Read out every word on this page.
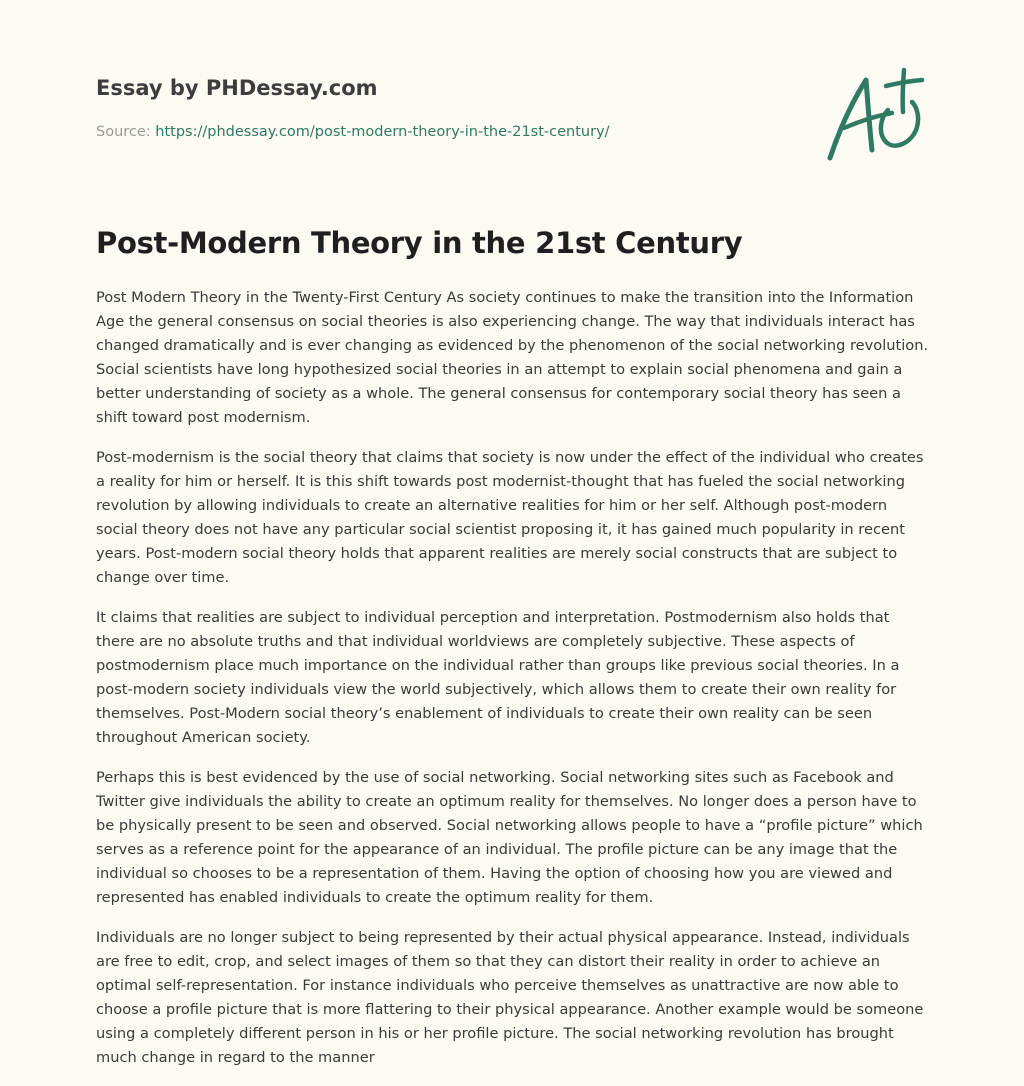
Essay by PHDessay.com
Source: https://phdessay.com/post-modern-theory-in-the-21st-century/
Post-Modern Theory in the 21st Century

Post Modern Theory in the Twenty-First Century As society continues to make the transition into the Information Age the general consensus on social theories is also experiencing change. The way that individuals interact has changed dramatically and is ever changing as evidenced by the phenomenon of the social networking revolution. Social scientists have long hypothesized social theories in an attempt to explain social phenomena and gain a better understanding of society as a whole. The general consensus for contemporary social theory has seen a shift toward post modernism.

Post-modernism is the social theory that claims that society is now under the effect of the individual who creates a reality for him or herself. It is this shift towards post modernist-thought that has fueled the social networking revolution by allowing individuals to create an alternative realities for him or her self. Although post-modern social theory does not have any particular social scientist proposing it, it has gained much popularity in recent years. Post-modern social theory holds that apparent realities are merely social constructs that are subject to change over time.

It claims that realities are subject to individual perception and interpretation. Postmodernism also holds that there are no absolute truths and that individual worldviews are completely subjective. These aspects of postmodernism place much importance on the individual rather than groups like previous social theories. In a post-modern society individuals view the world subjectively, which allows them to create their own reality for themselves. Post-Modern social theory’s enablement of individuals to create their own reality can be seen throughout American society.

Perhaps this is best evidenced by the use of social networking. Social networking sites such as Facebook and Twitter give individuals the ability to create an optimum reality for themselves. No longer does a person have to be physically present to be seen and observed. Social networking allows people to have a “profile picture” which serves as a reference point for the appearance of an individual. The profile picture can be any image that the individual so chooses to be a representation of them. Having the option of choosing how you are viewed and represented has enabled individuals to create the optimum reality for them.

Individuals are no longer subject to being represented by their actual physical appearance. Instead, individuals are free to edit, crop, and select images of them so that they can distort their reality in order to achieve an optimal self-representation. For instance individuals who perceive themselves as unattractive are now able to choose a profile picture that is more flattering to their physical appearance. Another example would be someone using a completely different person in his or her profile picture. The social networking revolution has brought much change in regard to the manner
